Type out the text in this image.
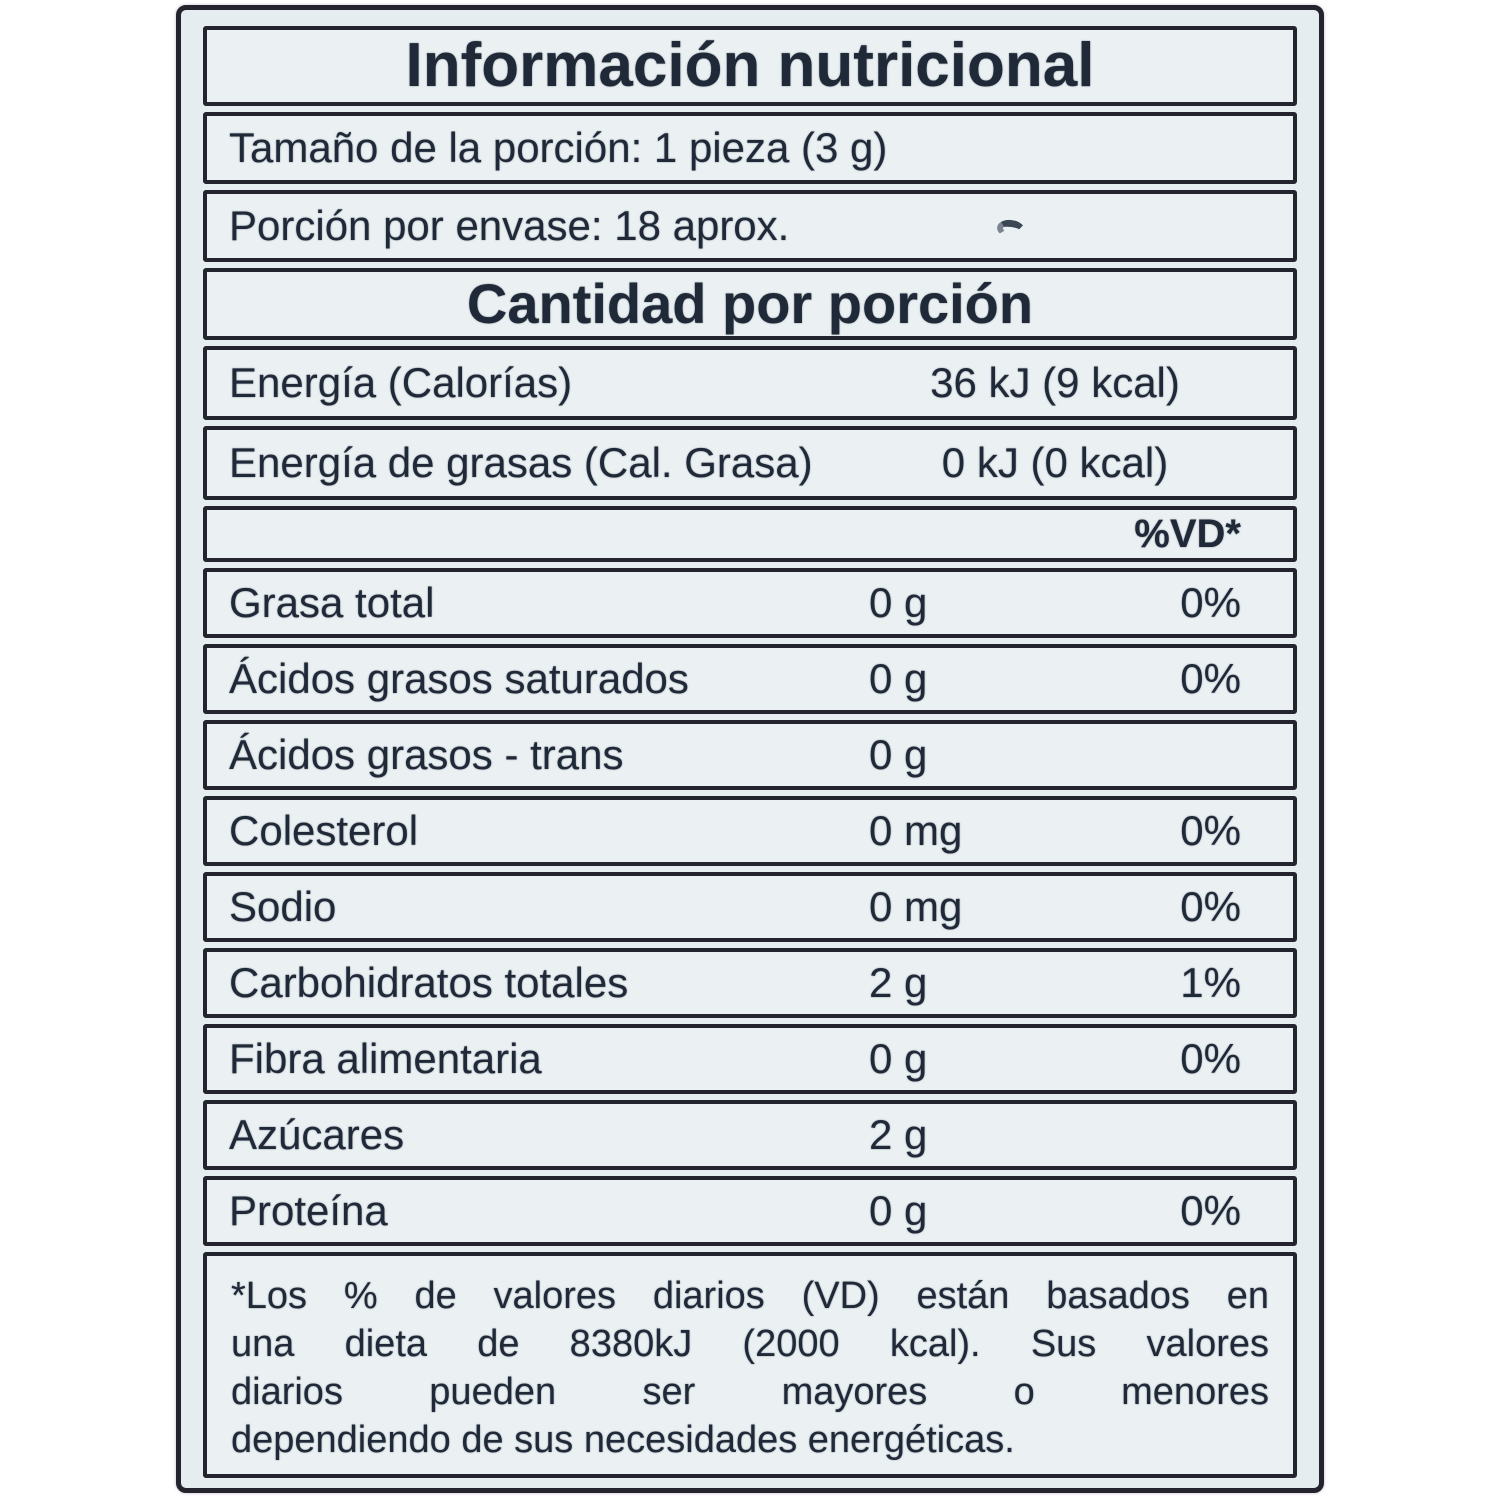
Información nutricional
Tamaño de la porción: 1 pieza (3 g)
Porción por envase: 18 aprox.
Cantidad por porción
Energía (Calorías)	36 kJ (9 kcal)
Energía de grasas (Cal. Grasa)	0 kJ (0 kcal)
%VD*
Grasa total	0 g	0%
Ácidos grasos saturados	0 g	0%
Ácidos grasos - trans	0 g
Colesterol	0 mg	0%
Sodio	0 mg	0%
Carbohidratos totales	2 g	1%
Fibra alimentaria	0 g	0%
Azúcares	2 g
Proteína	0 g	0%
*Los % de valores diarios (VD) están basados en
una dieta de 8380kJ (2000 kcal). Sus valores
diarios pueden ser mayores o menores
dependiendo de sus necesidades energéticas.
